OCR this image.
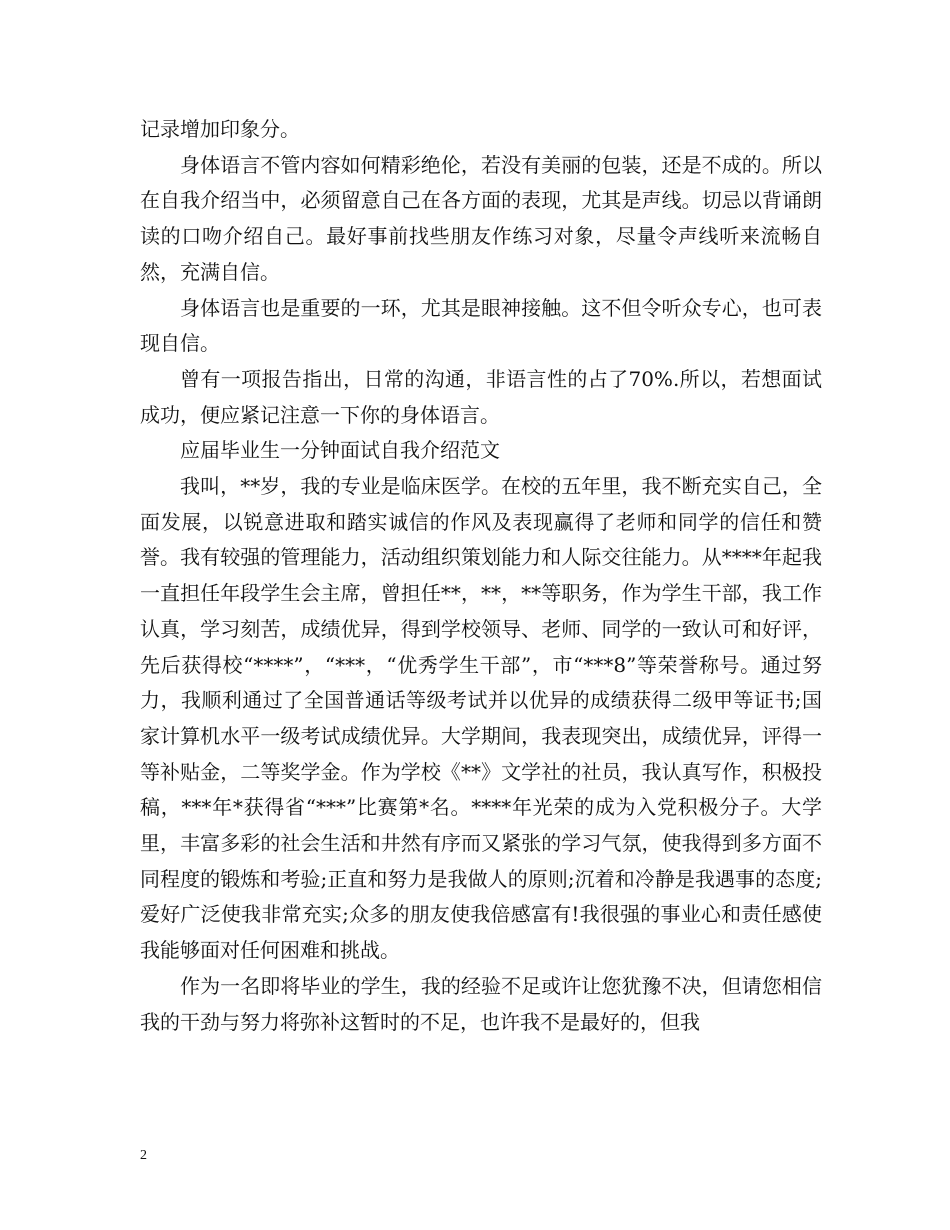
记录增加印象分。

身体语言不管内容如何精彩绝伦，若没有美丽的包装，还是不成的。所以在自我介绍当中，必须留意自己在各方面的表现，尤其是声线。切忌以背诵朗读的口吻介绍自己。最好事前找些朋友作练习对象，尽量令声线听来流畅自然，充满自信。

身体语言也是重要的一环，尤其是眼神接触。这不但令听众专心，也可表现自信。

曾有一项报告指出，日常的沟通，非语言性的占了70%.所以，若想面试成功，便应紧记注意一下你的身体语言。

应届毕业生一分钟面试自我介绍范文

我叫，**岁，我的专业是临床医学。在校的五年里，我不断充实自己，全面发展，以锐意进取和踏实诚信的作风及表现赢得了老师和同学的信任和赞誉。我有较强的管理能力，活动组织策划能力和人际交往能力。从****年起我一直担任年段学生会主席，曾担任**，**，**等职务，作为学生干部，我工作认真，学习刻苦，成绩优异，得到学校领导、老师、同学的一致认可和好评，先后获得校“****”，“***，“优秀学生干部”，市“***8”等荣誉称号。通过努力，我顺利通过了全国普通话等级考试并以优异的成绩获得二级甲等证书;国家计算机水平一级考试成绩优异。大学期间，我表现突出，成绩优异，评得一等补贴金，二等奖学金。作为学校《**》文学社的社员，我认真写作，积极投稿，***年*获得省“***”比赛第*名。****年光荣的成为入党积极分子。大学里，丰富多彩的社会生活和井然有序而又紧张的学习气氛，使我得到多方面不同程度的锻炼和考验;正直和努力是我做人的原则;沉着和冷静是我遇事的态度;爱好广泛使我非常充实;众多的朋友使我倍感富有!我很强的事业心和责任感使我能够面对任何困难和挑战。

作为一名即将毕业的学生，我的经验不足或许让您犹豫不决，但请您相信我的干劲与努力将弥补这暂时的不足，也许我不是最好的，但我

2
